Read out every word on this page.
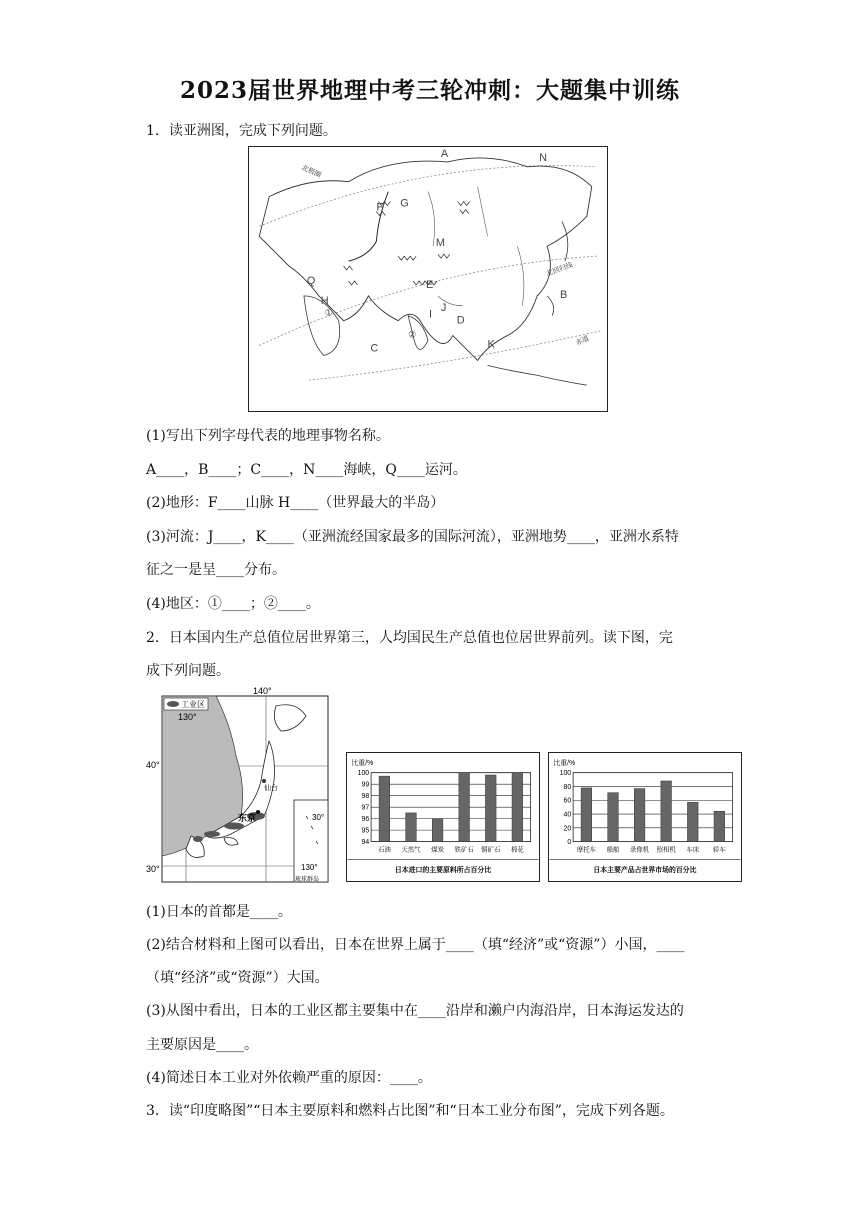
2023届世界地理中考三轮冲刺：大题集中训练
1．读亚洲图，完成下列问题。
北极圈
北回归线
赤道
A	N
F G
M
E
Q
H
I
J
D
K
B
C
①
②
(1)写出下列字母代表的地理事物名称。
A____，B____；C____，N____海峡，Q____运河。
(2)地形：F____山脉 H____（世界最大的半岛）
(3)河流：J____，K____（亚洲流经国家最多的国际河流），亚洲地势____，亚洲水系特
征之一是呈____分布。
(4)地区：①____；②____。
2．日本国内生产总值位居世界第三，人均国民生产总值也位居世界前列。读下图，完
成下列问题。
工业区
140°
130°
40°
30°
30°
130°
仙台
东京
琉球群岛
比重/%
100
99
98
97
96
95
94
石油 天然气 煤炭 铁矿石 铜矿石 棉花
日本进口的主要原料所占百分比
比重/%
100
80
60
40
20
0
摩托车 船舶 录像机 照相机 车床 轿车
日本主要产品占世界市场的百分比
(1)日本的首都是____。
(2)结合材料和上图可以看出，日本在世界上属于____（填“经济”或“资源”）小国，____
（填“经济”或“资源”）大国。
(3)从图中看出，日本的工业区都主要集中在____沿岸和濑户内海沿岸，日本海运发达的
主要原因是____。
(4)简述日本工业对外依赖严重的原因：____。
3．读“印度略图”“日本主要原料和燃料占比图”和“日本工业分布图”，完成下列各题。
